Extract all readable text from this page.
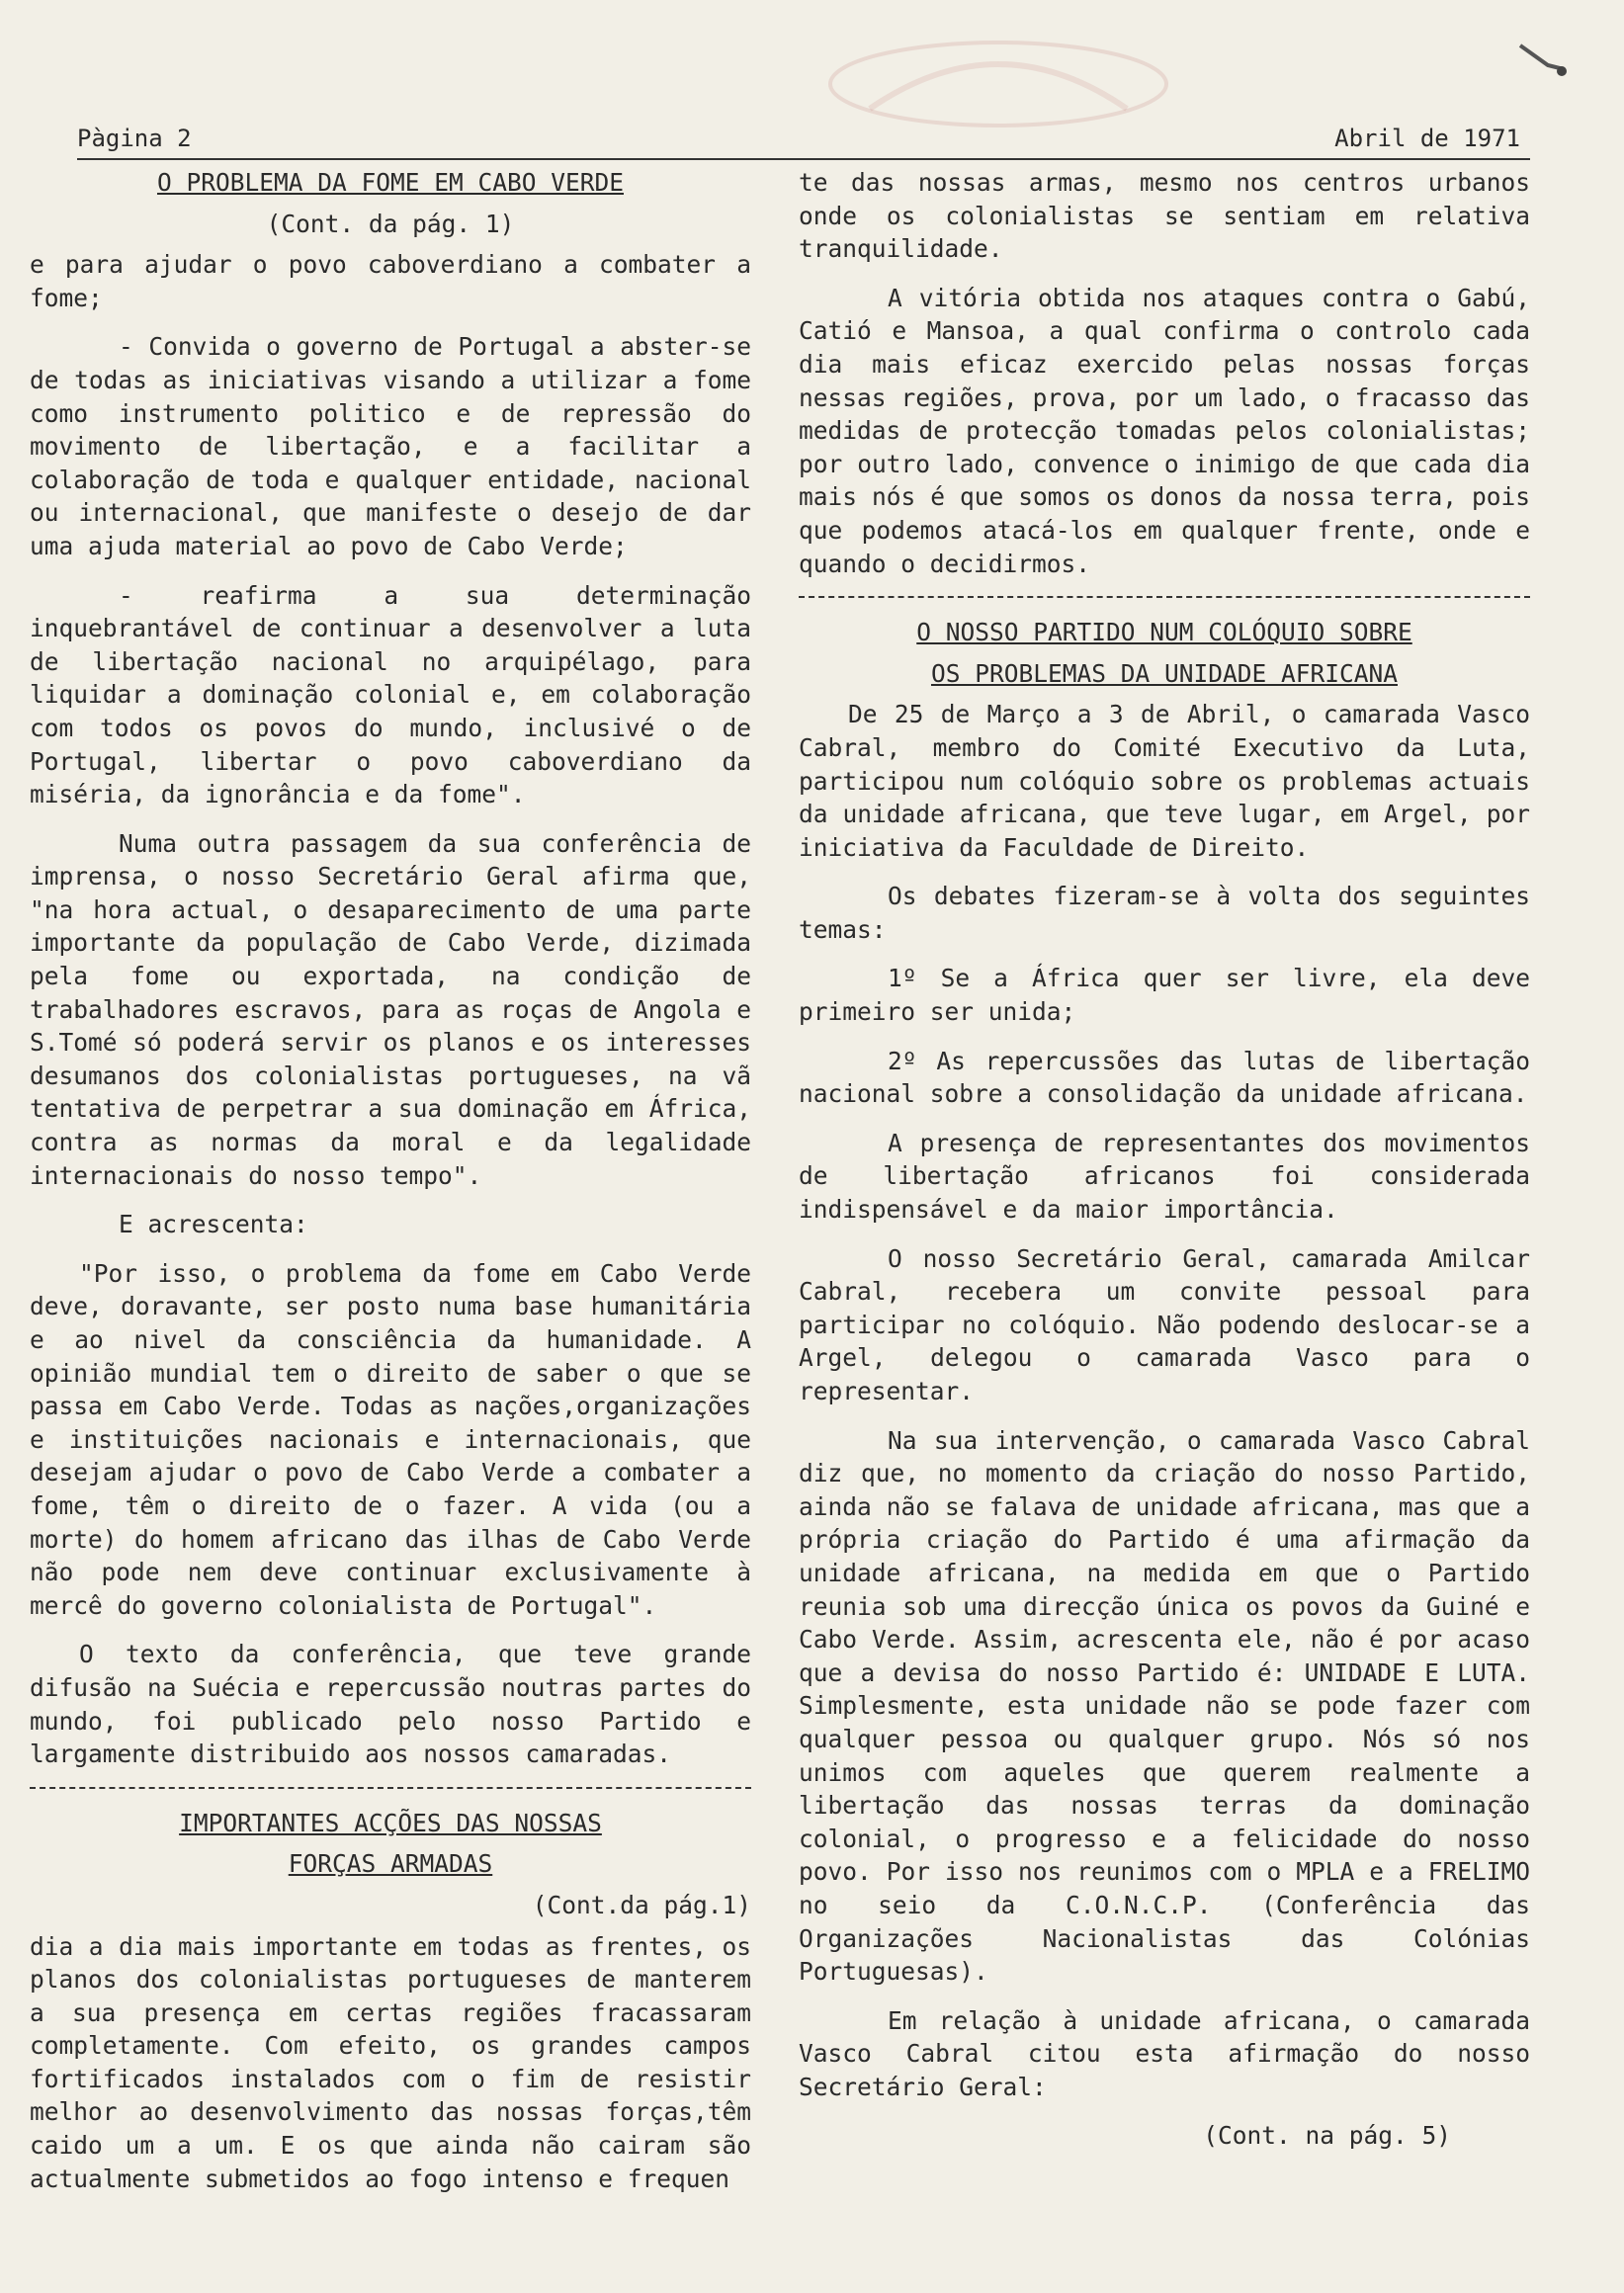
Pàgina 2	Abril de 1971
O PROBLEMA DA FOME EM CABO VERDE
(Cont. da pág. 1)

e para ajudar o povo caboverdiano a combater a fome;

- Convida o governo de Portugal a abster-se de todas as iniciativas visando a utilizar a fome como instrumento politico e de repressão do movimento de libertação, e a facilitar a colaboração de toda e qualquer entidade, nacional ou internacional, que manifeste o desejo de dar uma ajuda material ao povo de Cabo Verde;

- reafirma a sua determinação inquebrantável de continuar a desenvolver a luta de libertação nacional no arquipélago, para liquidar a dominação colonial e, em colaboração com todos os povos do mundo, inclusivé o de Portugal, libertar o povo caboverdiano da miséria, da ignorância e da fome".

Numa outra passagem da sua conferência de imprensa, o nosso Secretário Geral afirma que, "na hora actual, o desaparecimento de uma parte importante da população de Cabo Verde, dizimada pela fome ou exportada, na condição de trabalhadores escravos, para as roças de Angola e S.Tomé só poderá servir os planos e os interesses desumanos dos colonialistas portugueses, na vã tentativa de perpetrar a sua dominação em África, contra as normas da moral e da legalidade internacionais do nosso tempo".

E acrescenta:

"Por isso, o problema da fome em Cabo Verde deve, doravante, ser posto numa base humanitária e ao nivel da consciência da humanidade. A opinião mundial tem o direito de saber o que se passa em Cabo Verde. Todas as nações,organizações e instituições nacionais e internacionais, que desejam ajudar o povo de Cabo Verde a combater a fome, têm o direito de o fazer. A vida (ou a morte) do homem africano das ilhas de Cabo Verde não pode nem deve continuar exclusivamente à mercê do governo colonialista de Portugal".

O texto da conferência, que teve grande difusão na Suécia e repercussão noutras partes do mundo, foi publicado pelo nosso Partido e largamente distribuido aos nossos camaradas.

IMPORTANTES ACÇÕES DAS NOSSAS
FORÇAS ARMADAS
(Cont.da pág.1)

dia a dia mais importante em todas as frentes, os planos dos colonialistas portugueses de manterem a sua presença em certas regiões fracassaram completamente. Com efeito, os grandes campos fortificados instalados com o fim de resistir melhor ao desenvolvimento das nossas forças,têm caido um a um. E os que ainda não cairam são actualmente submetidos ao fogo intenso e frequen

te das nossas armas, mesmo nos centros urbanos onde os colonialistas se sentiam em relativa tranquilidade.

A vitória obtida nos ataques contra o Gabú, Catió e Mansoa, a qual confirma o controlo cada dia mais eficaz exercido pelas nossas forças nessas regiões, prova, por um lado, o fracasso das medidas de protecção tomadas pelos colonialistas; por outro lado, convence o inimigo de que cada dia mais nós é que somos os donos da nossa terra, pois que podemos atacá-los em qualquer frente, onde e quando o decidirmos.

O NOSSO PARTIDO NUM COLÓQUIO SOBRE
OS PROBLEMAS DA UNIDADE AFRICANA

De 25 de Março a 3 de Abril, o camarada Vasco Cabral, membro do Comité Executivo da Luta, participou num colóquio sobre os problemas actuais da unidade africana, que teve lugar, em Argel, por iniciativa da Faculdade de Direito.

Os debates fizeram-se à volta dos seguintes temas:

1º Se a África quer ser livre, ela deve primeiro ser unida;

2º As repercussões das lutas de libertação nacional sobre a consolidação da unidade africana.

A presença de representantes dos movimentos de libertação africanos foi considerada indispensável e da maior importância.

O nosso Secretário Geral, camarada Amilcar Cabral, recebera um convite pessoal para participar no colóquio. Não podendo deslocar-se a Argel, delegou o camarada Vasco para o representar.

Na sua intervenção, o camarada Vasco Cabral diz que, no momento da criação do nosso Partido, ainda não se falava de unidade africana, mas que a própria criação do Partido é uma afirmação da unidade africana, na medida em que o Partido reunia sob uma direcção única os povos da Guiné e Cabo Verde. Assim, acrescenta ele, não é por acaso que a devisa do nosso Partido é: UNIDADE E LUTA. Simplesmente, esta unidade não se pode fazer com qualquer pessoa ou qualquer grupo. Nós só nos unimos com aqueles que querem realmente a libertação das nossas terras da dominação colonial, o progresso e a felicidade do nosso povo. Por isso nos reunimos com o MPLA e a FRELIMO no seio da C.O.N.C.P. (Conferência das Organizações Nacionalistas das Colónias Portuguesas).

Em relação à unidade africana, o camarada Vasco Cabral citou esta afirmação do nosso Secretário Geral:

(Cont. na pág. 5)
